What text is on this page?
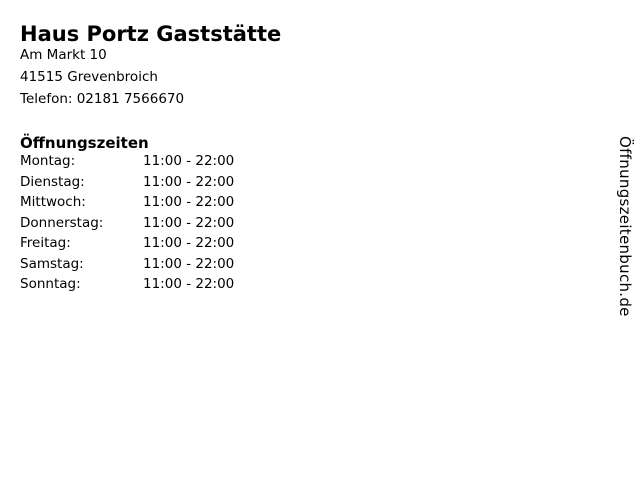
Haus Portz Gaststätte
Am Markt 10
41515 Grevenbroich
Telefon: 02181 7566670
Öffnungszeiten
Montag:	11:00 - 22:00
Dienstag:	11:00 - 22:00
Mittwoch:	11:00 - 22:00
Donnerstag:	11:00 - 22:00
Freitag:	11:00 - 22:00
Samstag:	11:00 - 22:00
Sonntag:	11:00 - 22:00	Öffnungszeitenbuch.de
